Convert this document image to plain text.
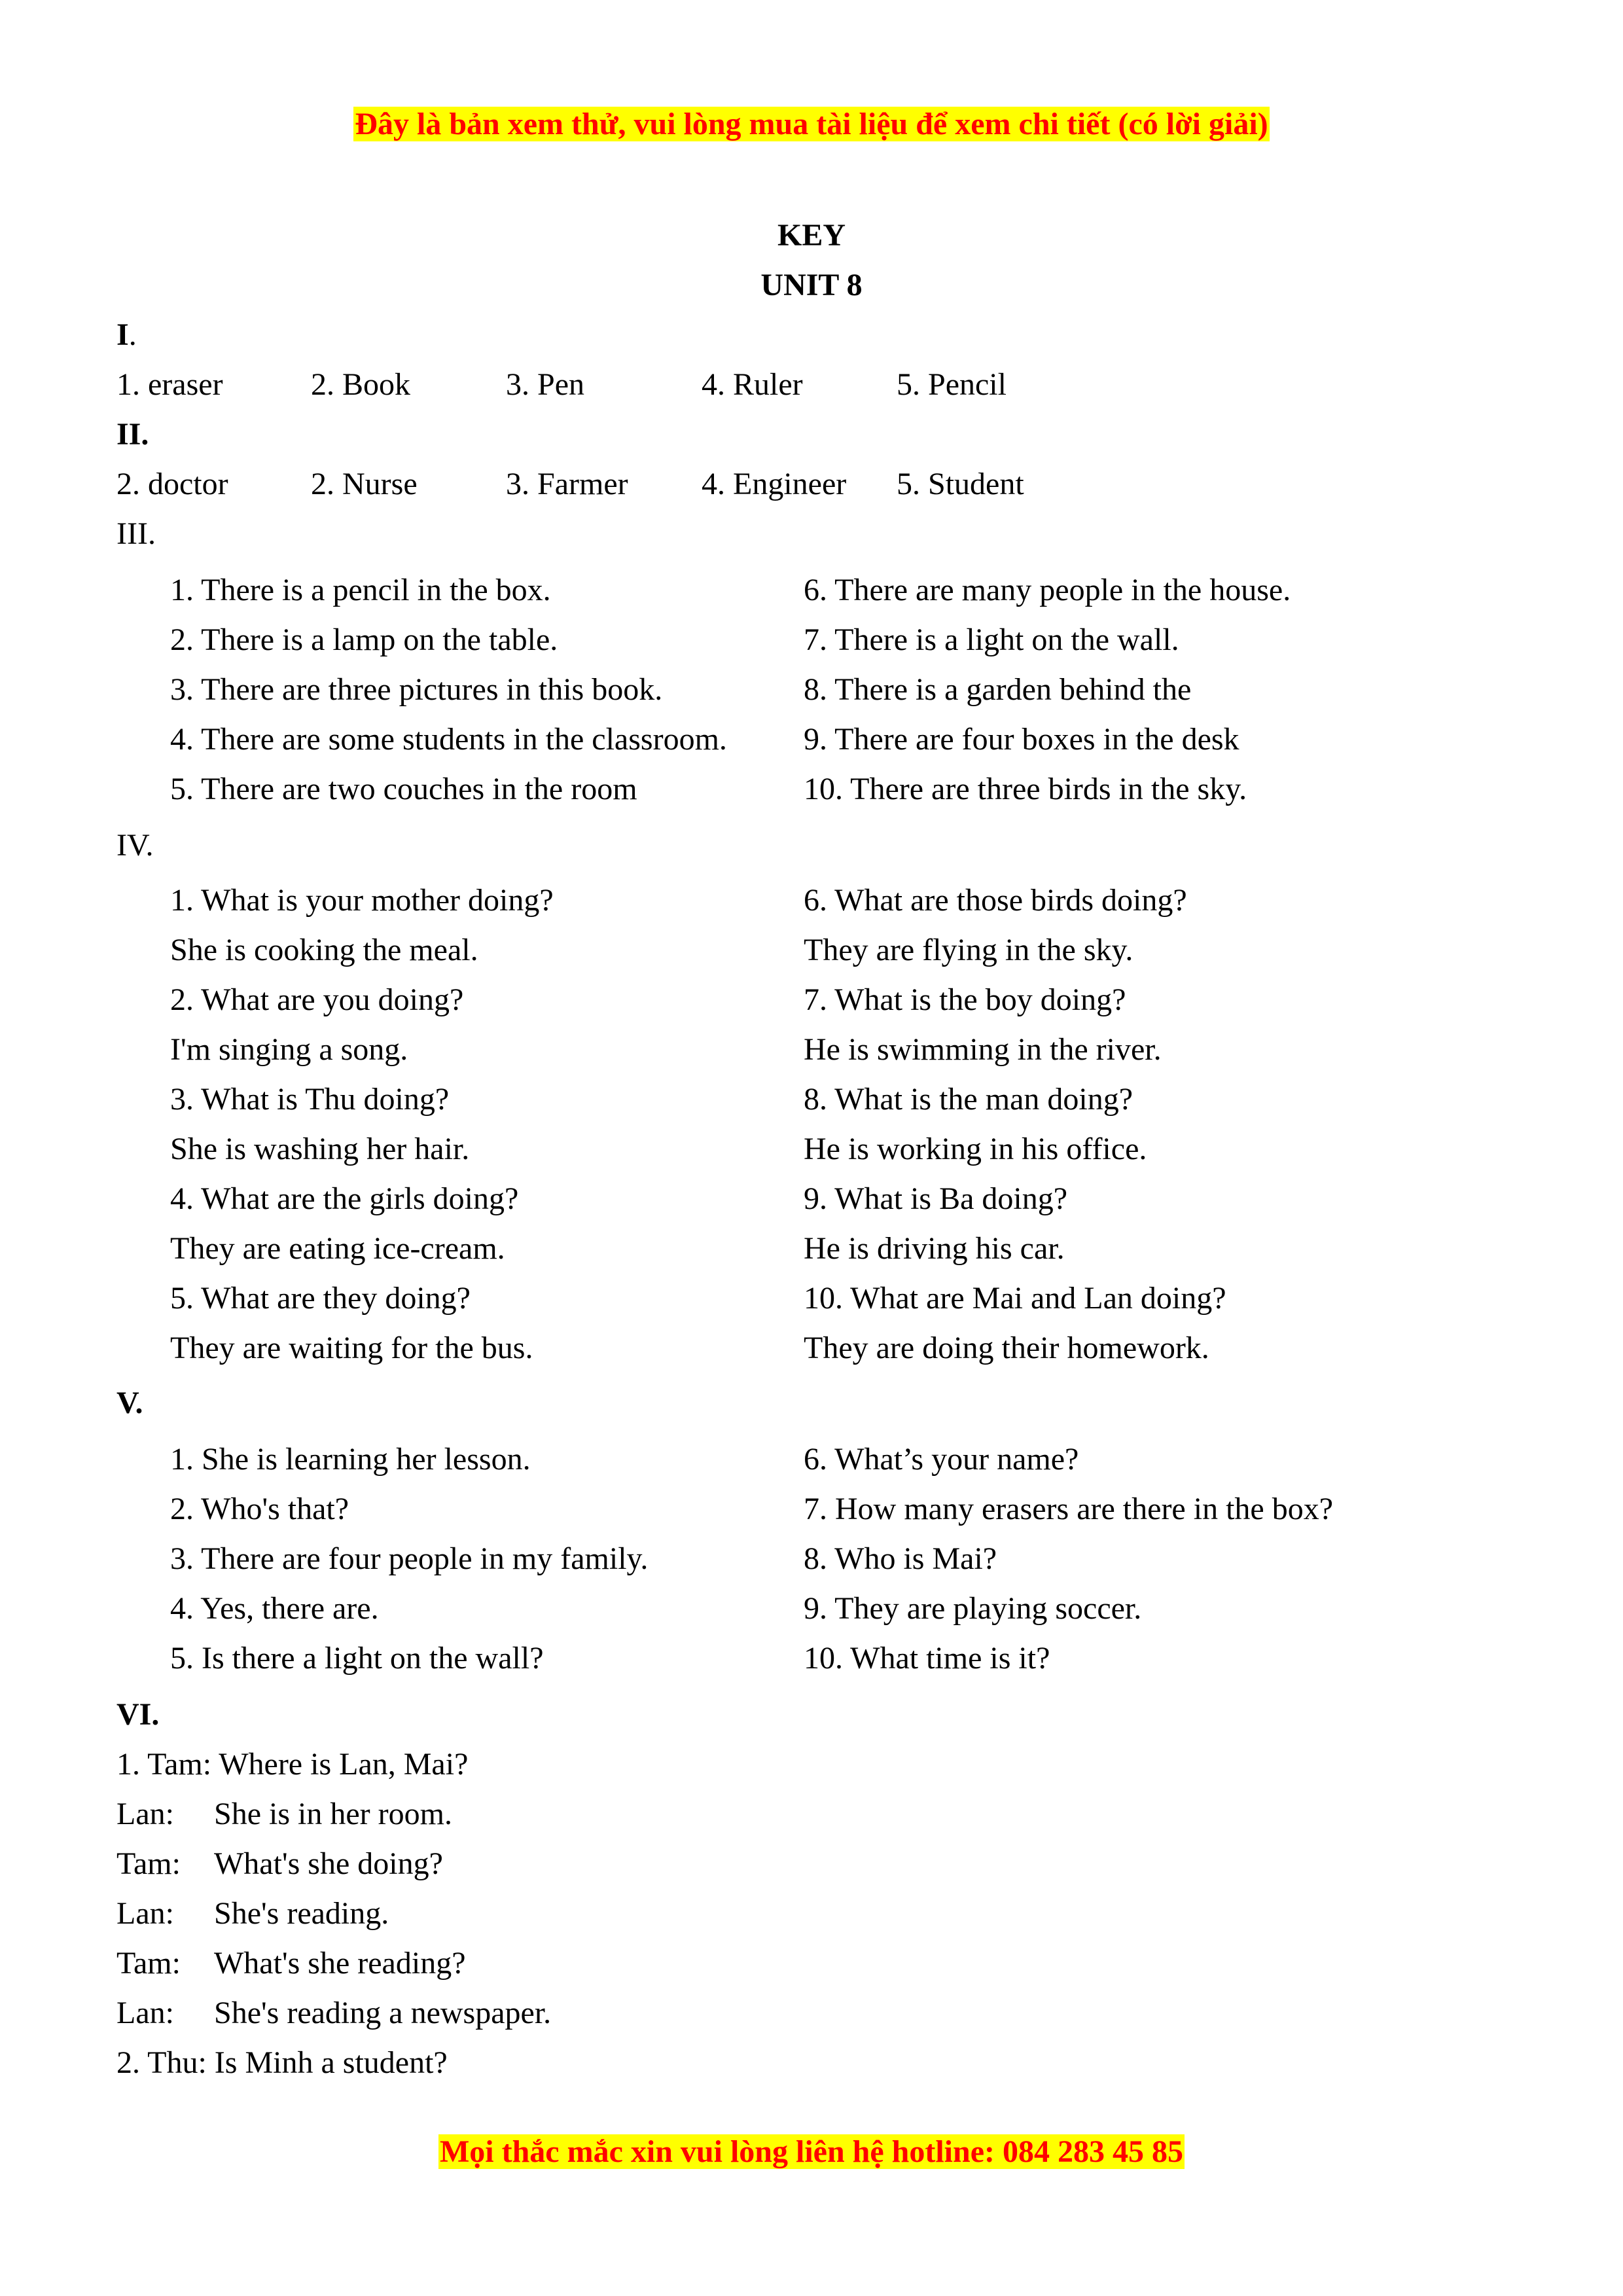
Đây là bản xem thử, vui lòng mua tài liệu để xem chi tiết (có lời giải)
KEY
UNIT 8
I.
1. eraser	2. Book	3. Pen	4. Ruler	5. Pencil
II.
2. doctor	2. Nurse	3. Farmer 4. Engineer 5. Student
III.
1. There is a pencil in the box.
2. There is a lamp on the table.
3. There are three pictures in this book.
4. There are some students in the classroom.
5. There are two couches in the room
6. There are many people in the house.
7. There is a light on the wall.
8. There is a garden behind the
9. There are four boxes in the desk
10. There are three birds in the sky.
IV.
1. What is your mother doing?
She is cooking the meal.
2. What are you doing?
I'm singing a song.
3. What is Thu doing?
She is washing her hair.
4. What are the girls doing?
They are eating ice-cream.
5. What are they doing?
They are waiting for the bus.
6. What are those birds doing?
They are flying in the sky.
7. What is the boy doing?
He is swimming in the river.
8. What is the man doing?
He is working in his office.
9. What is Ba doing?
He is driving his car.
10. What are Mai and Lan doing?
They are doing their homework.
V.
1. She is learning her lesson.
2. Who's that?
3. There are four people in my family.
4. Yes, there are.
5. Is there a light on the wall?
6. What’s your name?
7. How many erasers are there in the box?
8. Who is Mai?
9. They are playing soccer.
10. What time is it?
VI.
1. Tam: Where is Lan, Mai?
Lan: She is in her room.
Tam: What's she doing?
Lan: She's reading.
Tam: What's she reading?
Lan: She's reading a newspaper.
2. Thu: Is Minh a student?
Mọi thắc mắc xin vui lòng liên hệ hotline: 084 283 45 85
